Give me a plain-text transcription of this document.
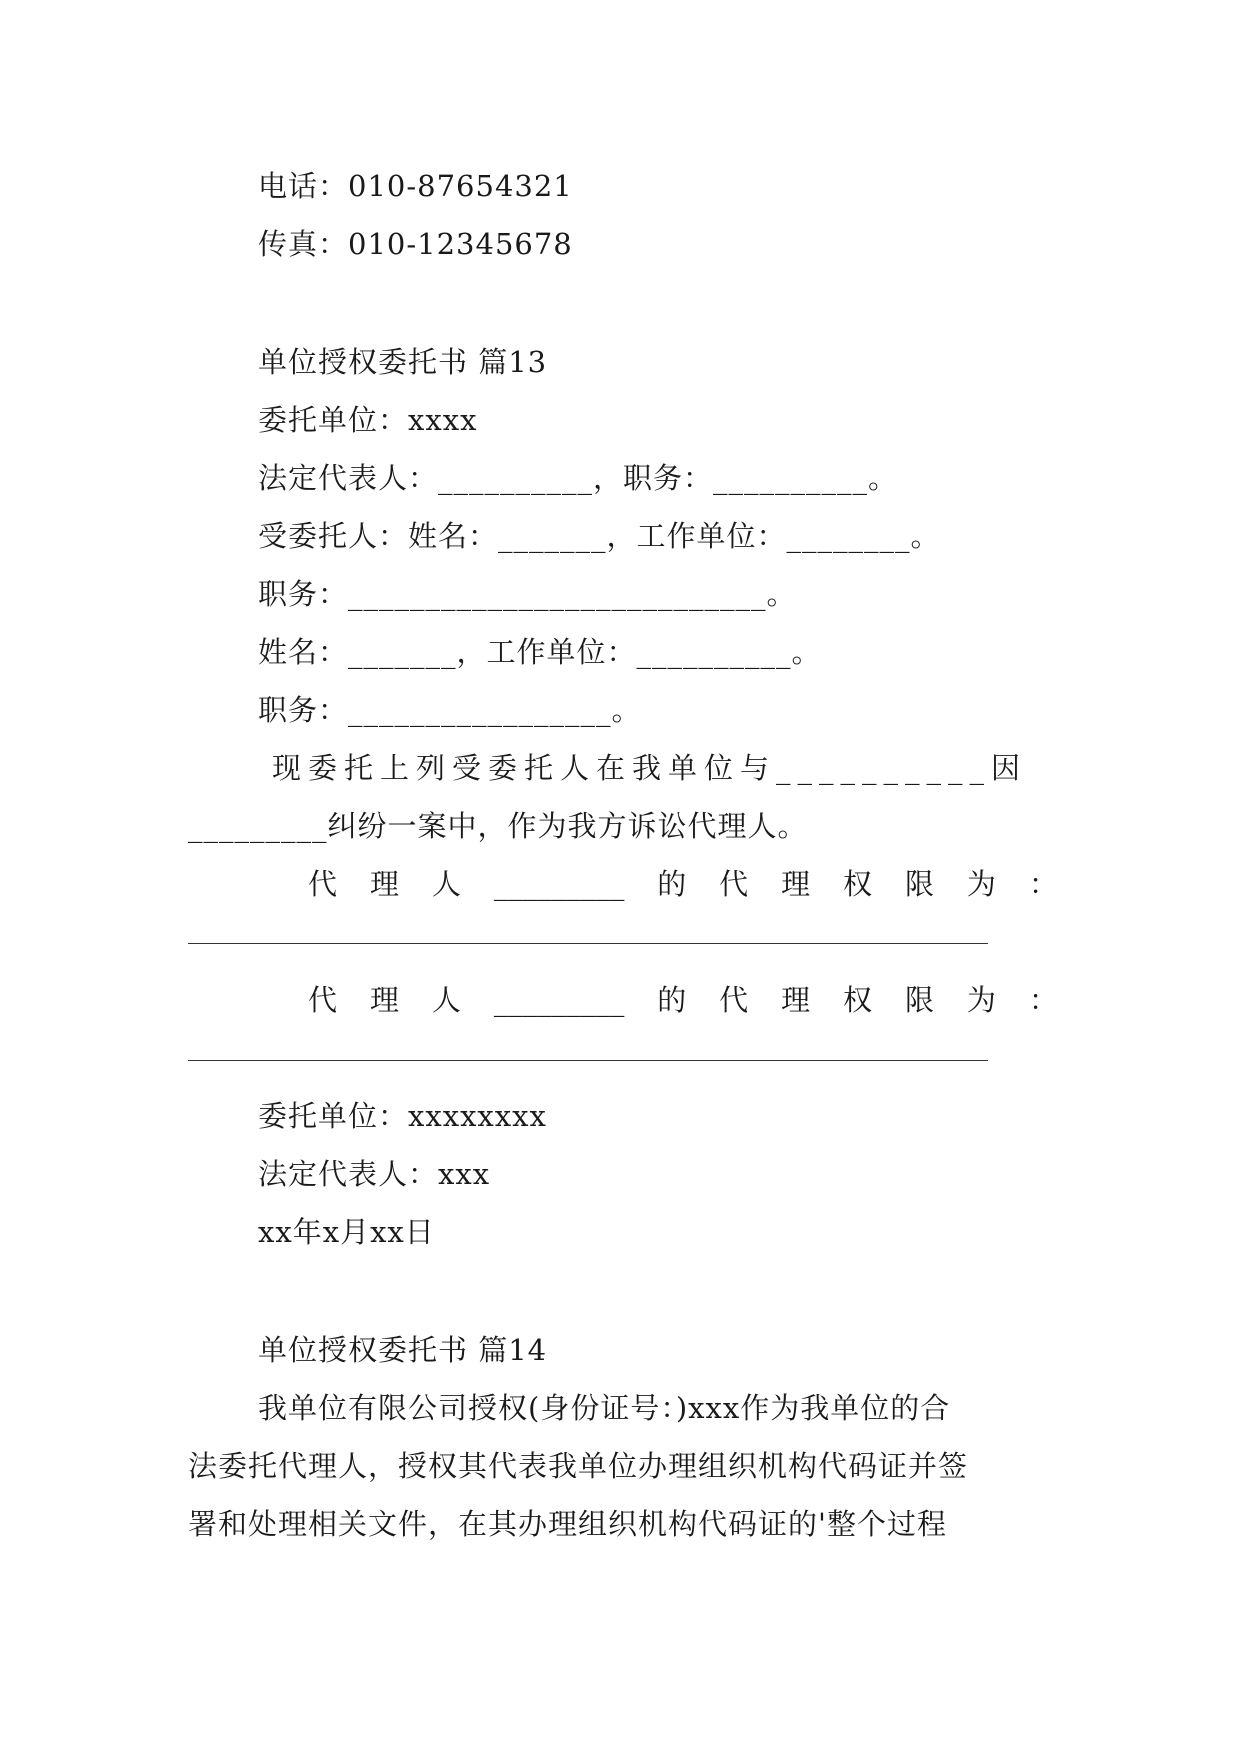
电话：010-87654321
传真：010-12345678
单位授权委托书 篇13
委托单位：xxxx
法定代表人：__________，职务：__________。
受委托人：姓名：_______，工作单位：________。
职务：___________________________。
姓名：_______，工作单位：__________。
职务：_________________。
现委托上列受委托人在我单位与__________因
_________纠纷一案中，作为我方诉讼代理人。
代 理 人 _________ 的 代 理 权 限 为 ：
代 理 人 _________ 的 代 理 权 限 为 ：
委托单位：xxxxxxxx
法定代表人：xxx
xx年x月xx日
单位授权委托书 篇14
我单位有限公司授权(身份证号：)xxx作为我单位的合
法委托代理人，授权其代表我单位办理组织机构代码证并签
署和处理相关文件，在其办理组织机构代码证的'整个过程
